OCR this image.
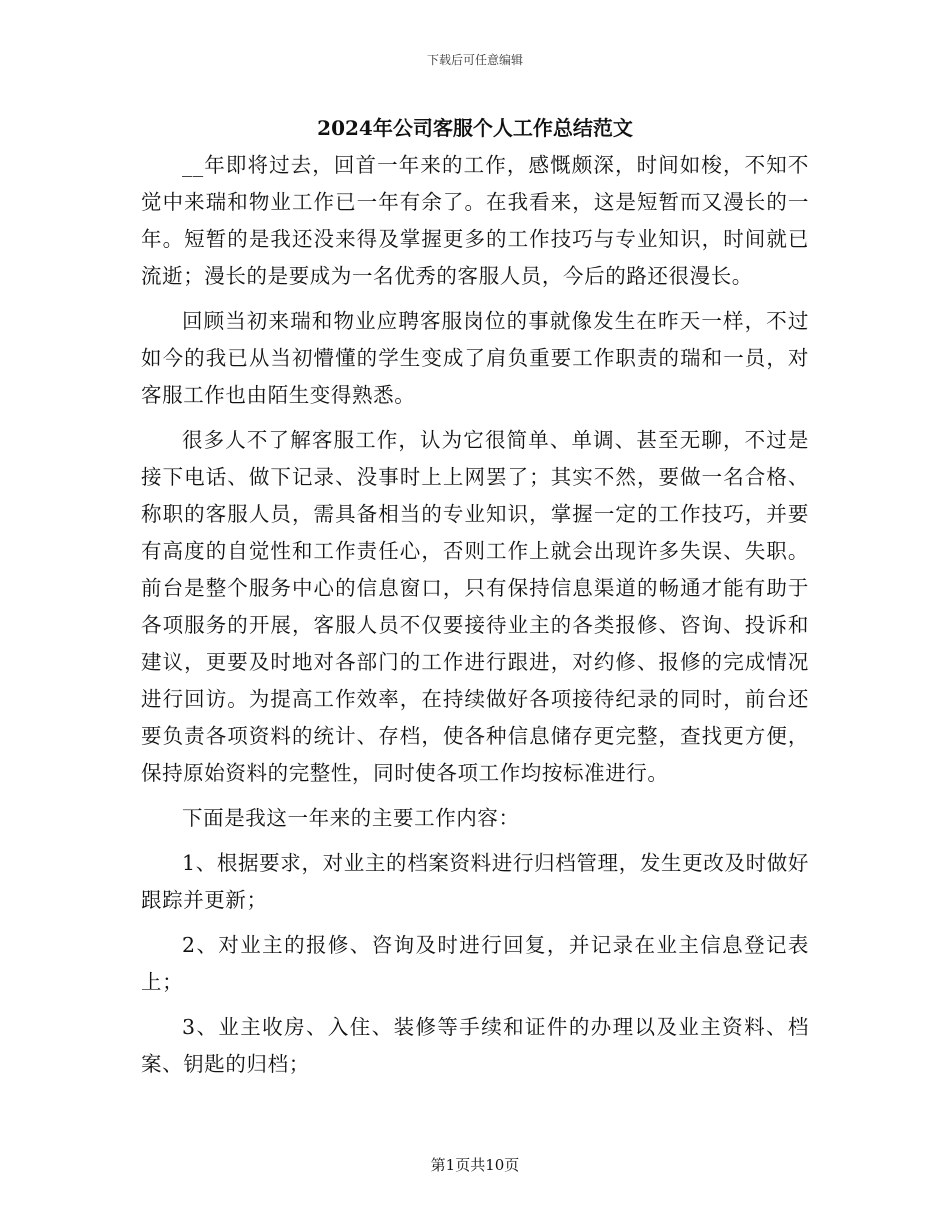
下载后可任意编辑
2024年公司客服个人工作总结范文

__年即将过去，回首一年来的工作，感慨颇深，时间如梭，不知不觉中来瑞和物业工作已一年有余了。在我看来，这是短暂而又漫长的一年。短暂的是我还没来得及掌握更多的工作技巧与专业知识，时间就已流逝；漫长的是要成为一名优秀的客服人员，今后的路还很漫长。

回顾当初来瑞和物业应聘客服岗位的事就像发生在昨天一样，不过如今的我已从当初懵懂的学生变成了肩负重要工作职责的瑞和一员，对客服工作也由陌生变得熟悉。

很多人不了解客服工作，认为它很简单、单调、甚至无聊，不过是接下电话、做下记录、没事时上上网罢了；其实不然，要做一名合格、称职的客服人员，需具备相当的专业知识，掌握一定的工作技巧，并要有高度的自觉性和工作责任心，否则工作上就会出现许多失误、失职。前台是整个服务中心的信息窗口，只有保持信息渠道的畅通才能有助于各项服务的开展，客服人员不仅要接待业主的各类报修、咨询、投诉和建议，更要及时地对各部门的工作进行跟进，对约修、报修的完成情况进行回访。为提高工作效率，在持续做好各项接待纪录的同时，前台还要负责各项资料的统计、存档，使各种信息储存更完整，查找更方便，保持原始资料的完整性，同时使各项工作均按标准进行。

下面是我这一年来的主要工作内容：

1、根据要求，对业主的档案资料进行归档管理，发生更改及时做好跟踪并更新；

2、对业主的报修、咨询及时进行回复，并记录在业主信息登记表上；

3、业主收房、入住、装修等手续和证件的办理以及业主资料、档案、钥匙的归档；

第1页共10页
